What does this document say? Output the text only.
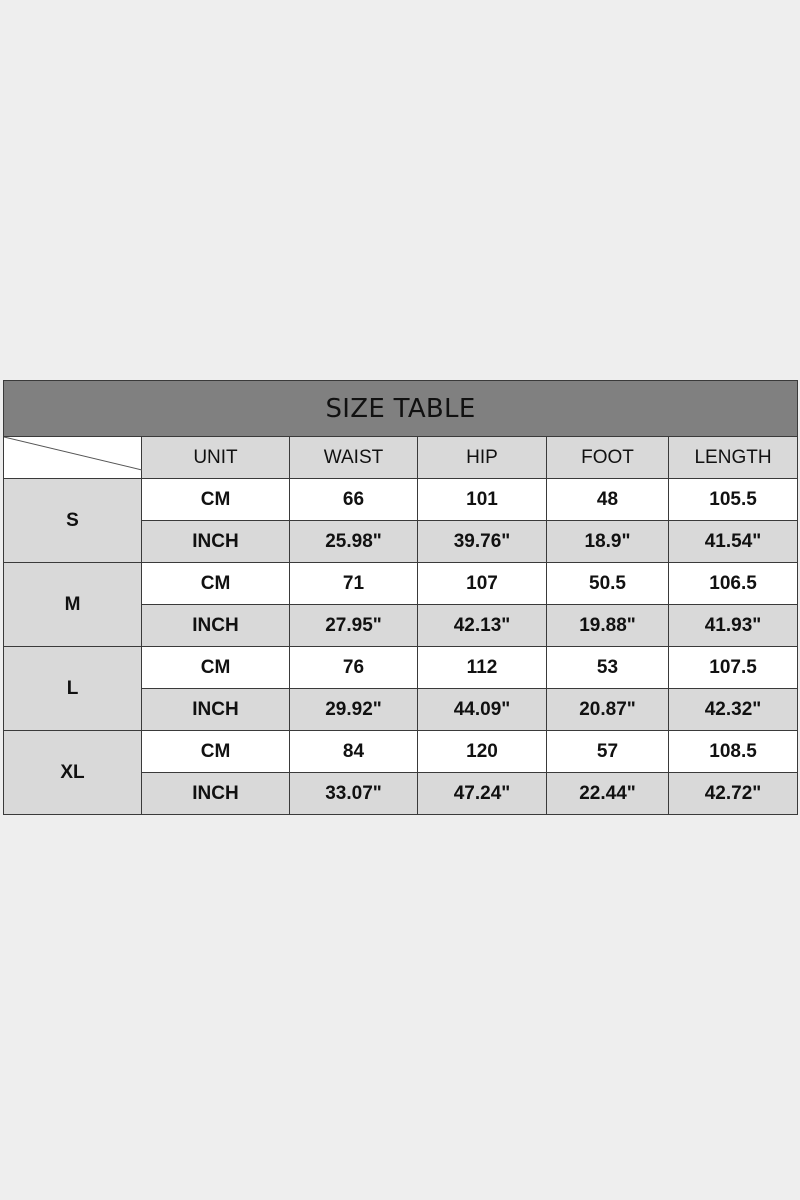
SIZE TABLE					

	UNIT	WAIST	HIP	FOOT	LENGTH
S	CM	66	101	48	105.5
	INCH	25.98"	39.76"	18.9"	41.54"
M	CM	71	107	50.5	106.5
	INCH	27.95"	42.13"	19.88"	41.93"
L	CM	76	112	53	107.5
	INCH	29.92"	44.09"	20.87"	42.32"
XL	CM	84	120	57	108.5
	INCH	33.07"	47.24"	22.44"	42.72"
